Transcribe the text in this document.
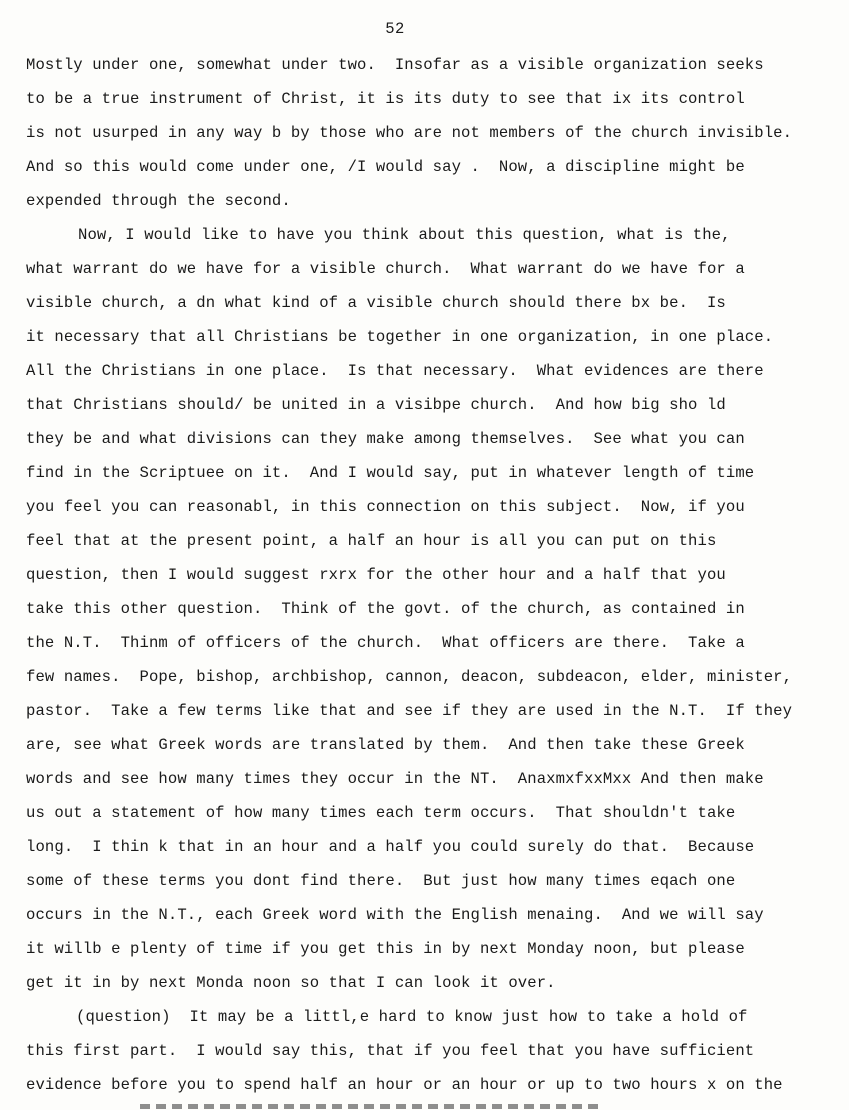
52
Mostly under one, somewhat under two.  Insofar as a visible organization seeks
to be a true instrument of Christ, it is its duty to see that ix its control
is not usurped in any way b by those who are not members of the church invisible.
And so this would come under one, /I would say .  Now, a discipline might be
expended through the second.
Now, I would like to have you think about this question, what is the,
what warrant do we have for a visible church.  What warrant do we have for a
visible church, a dn what kind of a visible church should there bx be.  Is
it necessary that all Christians be together in one organization, in one place.
All the Christians in one place.  Is that necessary.  What evidences are there
that Christians should/ be united in a visibpe church.  And how big sho ld
they be and what divisions can they make among themselves.  See what you can
find in the Scriptuee on it.  And I would say, put in whatever length of time
you feel you can reasonabl, in this connection on this subject.  Now, if you
feel that at the present point, a half an hour is all you can put on this
question, then I would suggest rxrx for the other hour and a half that you
take this other question.  Think of the govt. of the church, as contained in
the N.T.  Thinm of officers of the church.  What officers are there.  Take a
few names.  Pope, bishop, archbishop, cannon, deacon, subdeacon, elder, minister,
pastor.  Take a few terms like that and see if they are used in the N.T.  If they
are, see what Greek words are translated by them.  And then take these Greek
words and see how many times they occur in the NT.  AnaxmxfxxMxx And then make
us out a statement of how many times each term occurs.  That shouldn't take
long.  I thin k that in an hour and a half you could surely do that.  Because
some of these terms you dont find there.  But just how many times eqach one
occurs in the N.T., each Greek word with the English menaing.  And we will say
it willb e plenty of time if you get this in by next Monday noon, but please
get it in by next Monda noon so that I can look it over.
(question)  It may be a littl,e hard to know just how to take a hold of
this first part.  I would say this, that if you feel that you have sufficient
evidence before you to spend half an hour or an hour or up to two hours x on the
